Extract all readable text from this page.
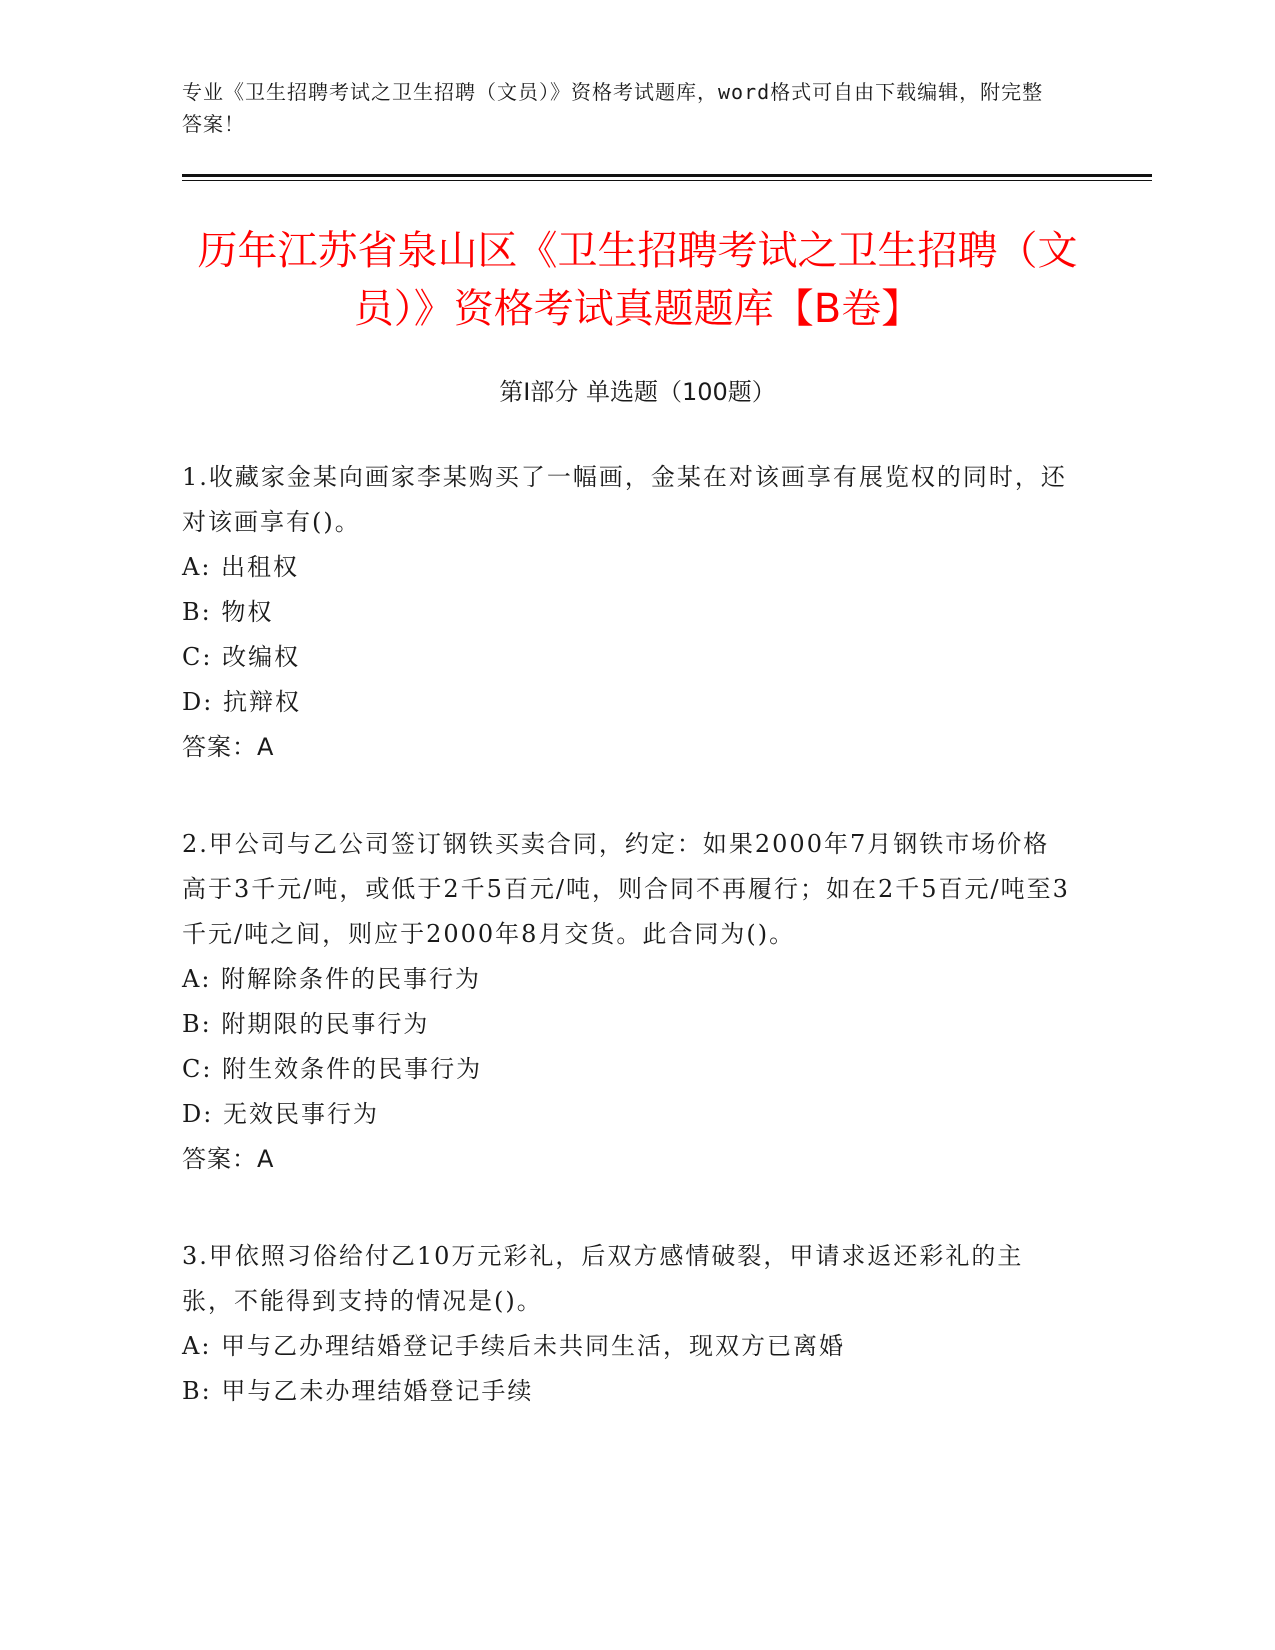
专业《卫生招聘考试之卫生招聘（文员）》资格考试题库，word格式可自由下载编辑，附完整答案！
历年江苏省泉山区《卫生招聘考试之卫生招聘（文员）》资格考试真题题库【B卷】
第Ⅰ部分 单选题（100题）
1.收藏家金某向画家李某购买了一幅画，金某在对该画享有展览权的同时，还对该画享有()。
A: 出租权
B: 物权
C: 改编权
D: 抗辩权
答案：A
2.甲公司与乙公司签订钢铁买卖合同，约定：如果2000年7月钢铁市场价格高于3千元/吨，或低于2千5百元/吨，则合同不再履行；如在2千5百元/吨至3千元/吨之间，则应于2000年8月交货。此合同为()。
A: 附解除条件的民事行为
B: 附期限的民事行为
C: 附生效条件的民事行为
D: 无效民事行为
答案：A
3.甲依照习俗给付乙10万元彩礼，后双方感情破裂，甲请求返还彩礼的主张，不能得到支持的情况是()。
A: 甲与乙办理结婚登记手续后未共同生活，现双方已离婚
B: 甲与乙未办理结婚登记手续
